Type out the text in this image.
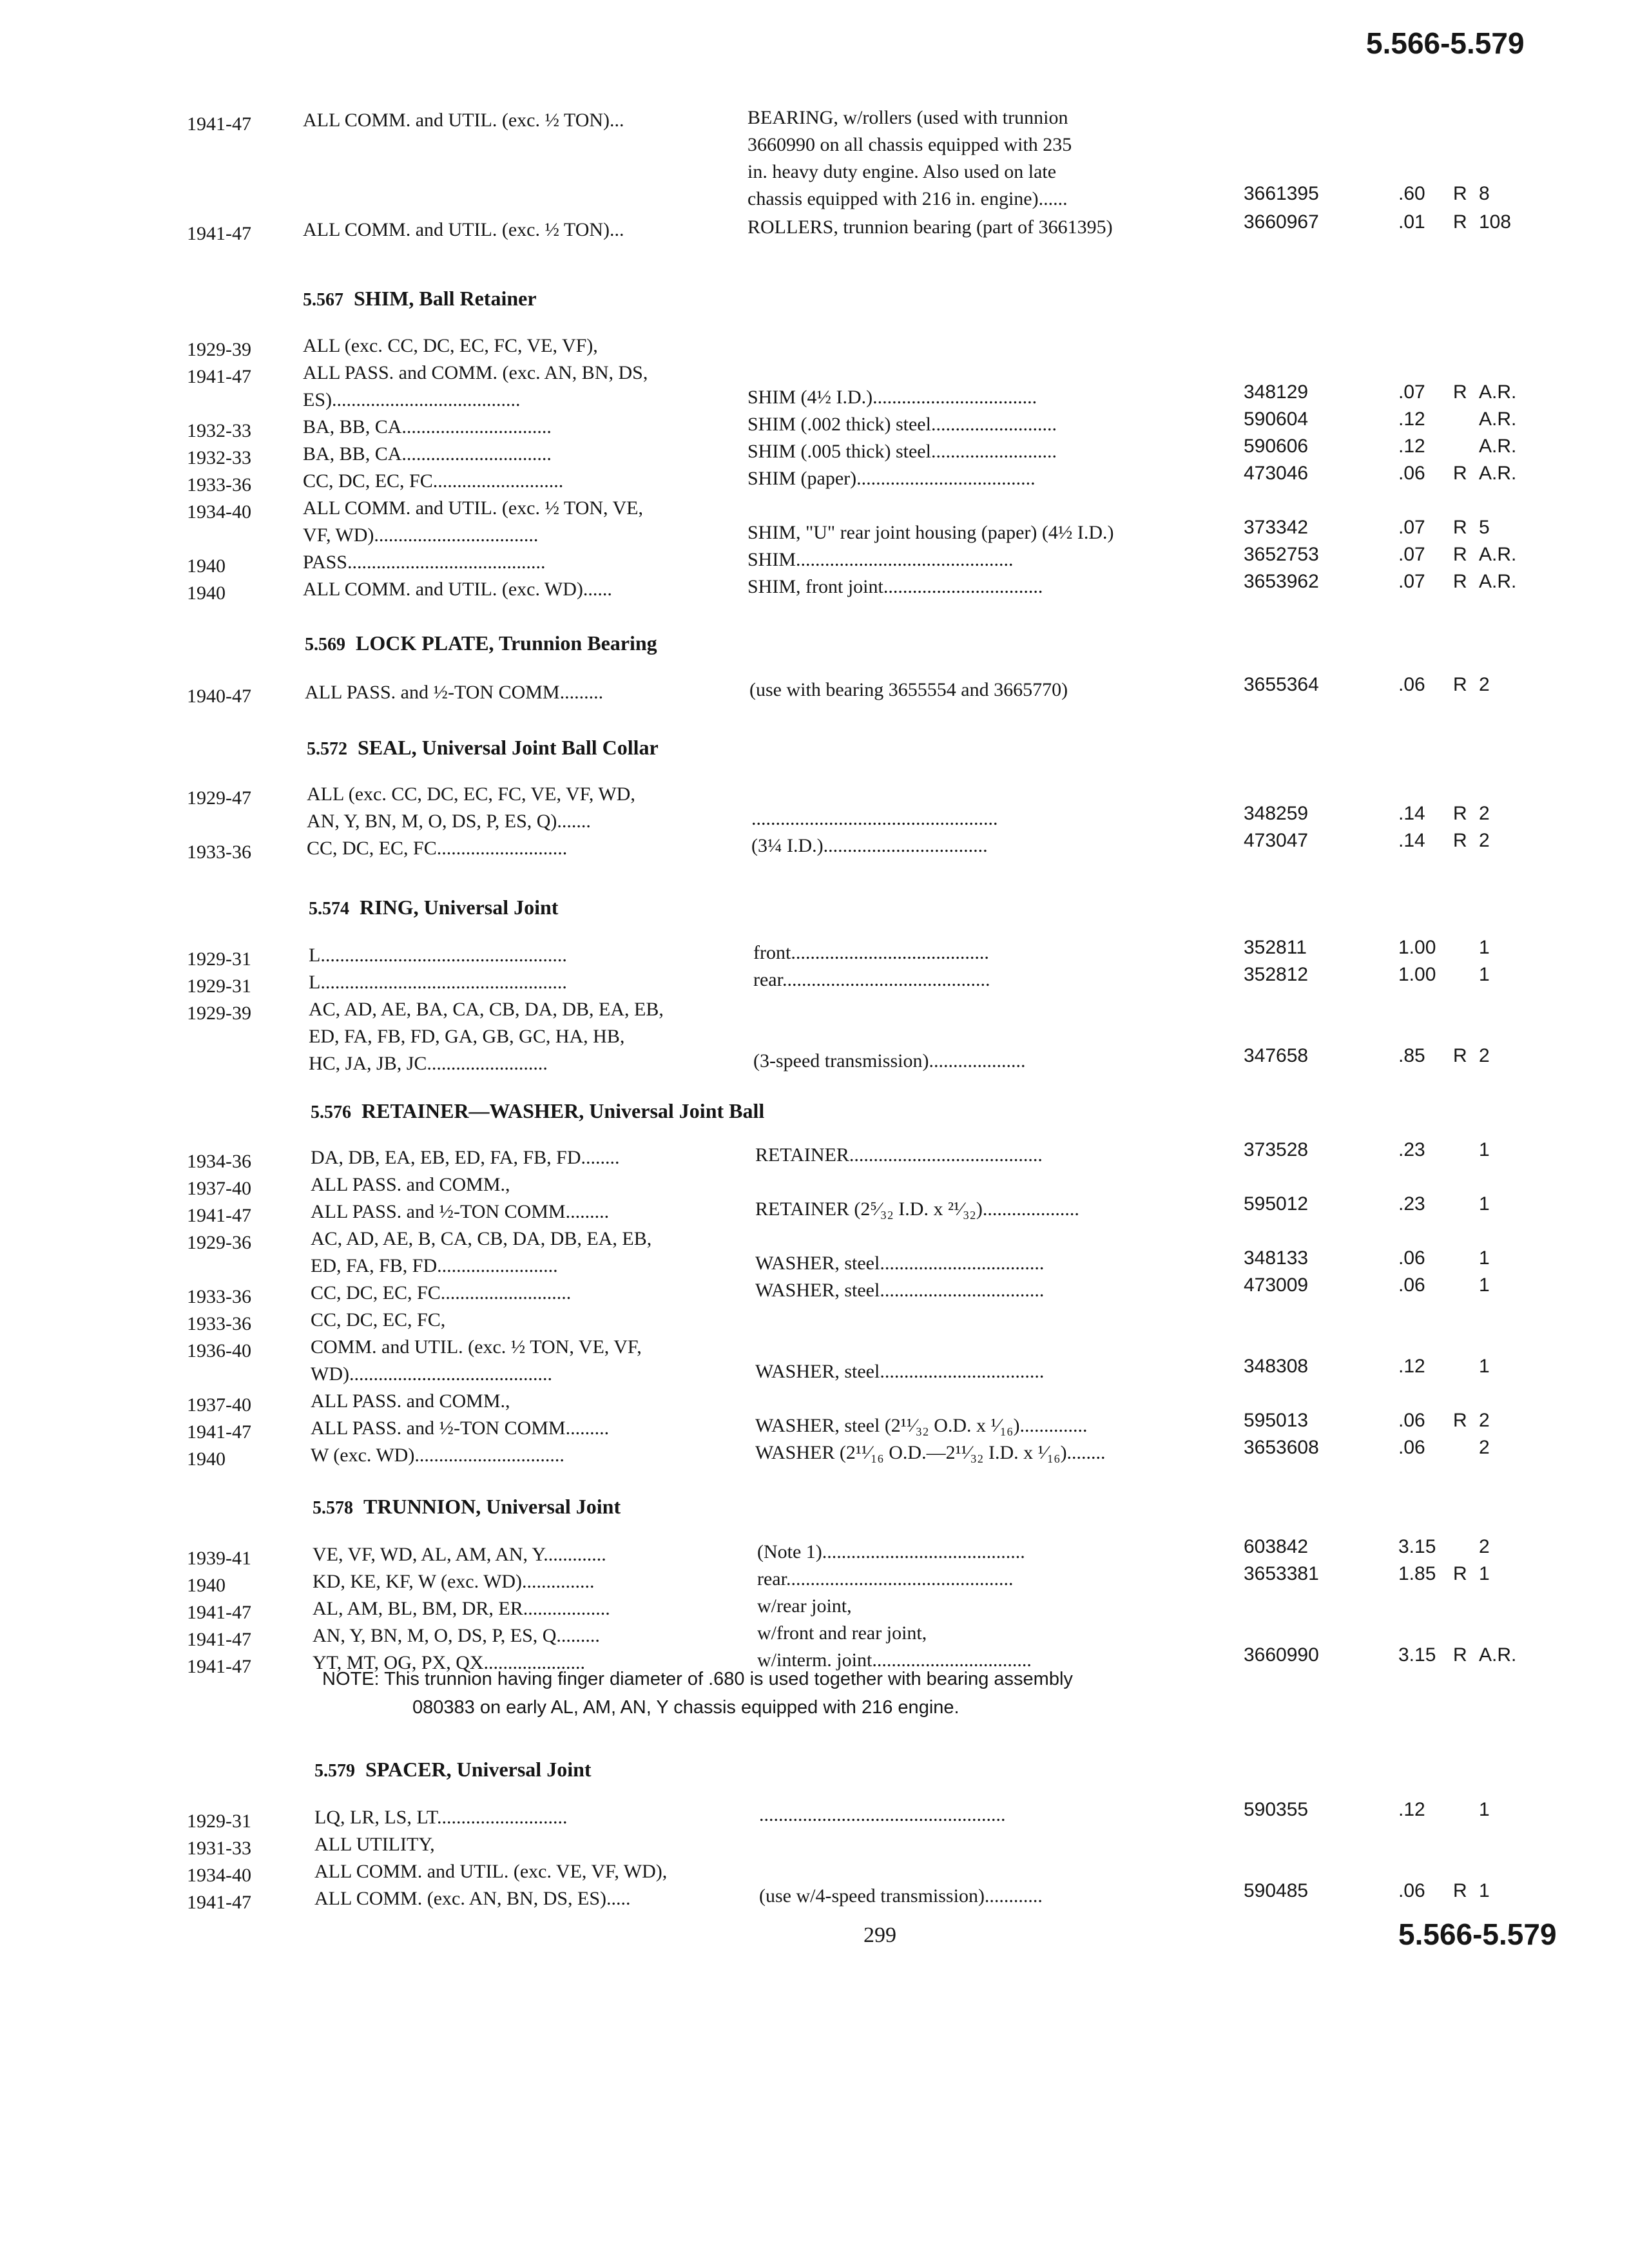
5.566-5.579
1941-47	ALL COMM. and UTIL. (exc. ½ TON)...	BEARING, w/rollers (used with trunnion
3660990 on all chassis equipped with 235
in. heavy duty engine. Also used on late
chassis equipped with 216 in. engine)......	3661395	.60 R 8
1941-47	ALL COMM. and UTIL. (exc. ½ TON)...	ROLLERS, trunnion bearing (part of 3661395)	3660967	.01 R 108
5.567 SHIM, Ball Retainer
1929-39	ALL (exc. CC, DC, EC, FC, VE, VF),
1941-47	ALL PASS. and COMM. (exc. AN, BN, DS,
ES).......................................	SHIM (4½ I.D.)..................................	348129	.07 R A.R.
1932-33	BA, BB, CA...............................	SHIM (.002 thick) steel..........................	590604	.12	A.R.
1932-33	BA, BB, CA...............................	SHIM (.005 thick) steel..........................	590606	.12	A.R.
1933-36	CC, DC, EC, FC...........................	SHIM (paper).....................................	473046	.06 R A.R.
1934-40	ALL COMM. and UTIL. (exc. ½ TON, VE,
VF, WD)..................................	SHIM, "U" rear joint housing (paper) (4½ I.D.)	373342	.07 R 5
1940	PASS.........................................	SHIM.............................................	3652753	.07 R A.R.
1940	ALL COMM. and UTIL. (exc. WD)......	SHIM, front joint.................................	3653962	.07 R A.R.
5.569 LOCK PLATE, Trunnion Bearing
1940-47	ALL PASS. and ½-TON COMM.........	(use with bearing 3655554 and 3665770)	3655364	.06 R 2
5.572 SEAL, Universal Joint Ball Collar
1929-47	ALL (exc. CC, DC, EC, FC, VE, VF, WD,
AN, Y, BN, M, O, DS, P, ES, Q).......	...................................................	348259	.14 R 2
1933-36	CC, DC, EC, FC...........................	(3¼ I.D.)..................................	473047	.14 R 2
5.574 RING, Universal Joint
1929-31	L...................................................	front.........................................	352811	1.00 1
1929-31	L...................................................	rear...........................................	352812	1.00 1
1929-39	AC, AD, AE, BA, CA, CB, DA, DB, EA, EB,
ED, FA, FB, FD, GA, GB, GC, HA, HB,
HC, JA, JB, JC.........................	(3-speed transmission)....................	347658	.85 R 2
5.576 RETAINER—WASHER, Universal Joint Ball
1934-36	DA, DB, EA, EB, ED, FA, FB, FD........	RETAINER........................................	373528	.23	1
1937-40	ALL PASS. and COMM.,
1941-47	ALL PASS. and ½-TON COMM.........	RETAINER (2⁵⁄₃₂ I.D. x ²¹⁄₃₂)....................	595012	.23	1
1929-36	AC, AD, AE, B, CA, CB, DA, DB, EA, EB,
ED, FA, FB, FD.........................	WASHER, steel..................................	348133	.06	1
1933-36	CC, DC, EC, FC...........................	WASHER, steel..................................	473009	.06	1
1933-36	CC, DC, EC, FC,
1936-40	COMM. and UTIL. (exc. ½ TON, VE, VF,
WD)..........................................	WASHER, steel..................................	348308	.12	1
1937-40	ALL PASS. and COMM.,
1941-47	ALL PASS. and ½-TON COMM.........	WASHER, steel (2¹¹⁄₃₂ O.D. x ¹⁄₁₆)..............	595013	.06 R 2
1940	W (exc. WD)...............................	WASHER (2¹¹⁄₁₆ O.D.—2¹¹⁄₃₂ I.D. x ¹⁄₁₆)........	3653608	.06	2
5.578 TRUNNION, Universal Joint
1939-41	VE, VF, WD, AL, AM, AN, Y.............	(Note 1)..........................................	603842	3.15 2
1940	KD, KE, KF, W (exc. WD)...............	rear...............................................	3653381	1.85 R 1
1941-47	AL, AM, BL, BM, DR, ER..................	w/rear joint,
1941-47	AN, Y, BN, M, O, DS, P, ES, Q.........	w/front and rear joint,
1941-47	YT, MT, OG, PX, QX.....................	w/interm. joint.................................	3660990	3.15 R A.R.
NOTE: This trunnion having finger diameter of .680 is used together with bearing assembly
080383 on early AL, AM, AN, Y chassis equipped with 216 engine.
5.579 SPACER, Universal Joint
1929-31	LQ, LR, LS, LT...........................	...................................................	590355	.12	1
1931-33	ALL UTILITY,
1934-40	ALL COMM. and UTIL. (exc. VE, VF, WD),
1941-47	ALL COMM. (exc. AN, BN, DS, ES).....	(use w/4-speed transmission)............	590485	.06 R 1
299	5.566-5.579
